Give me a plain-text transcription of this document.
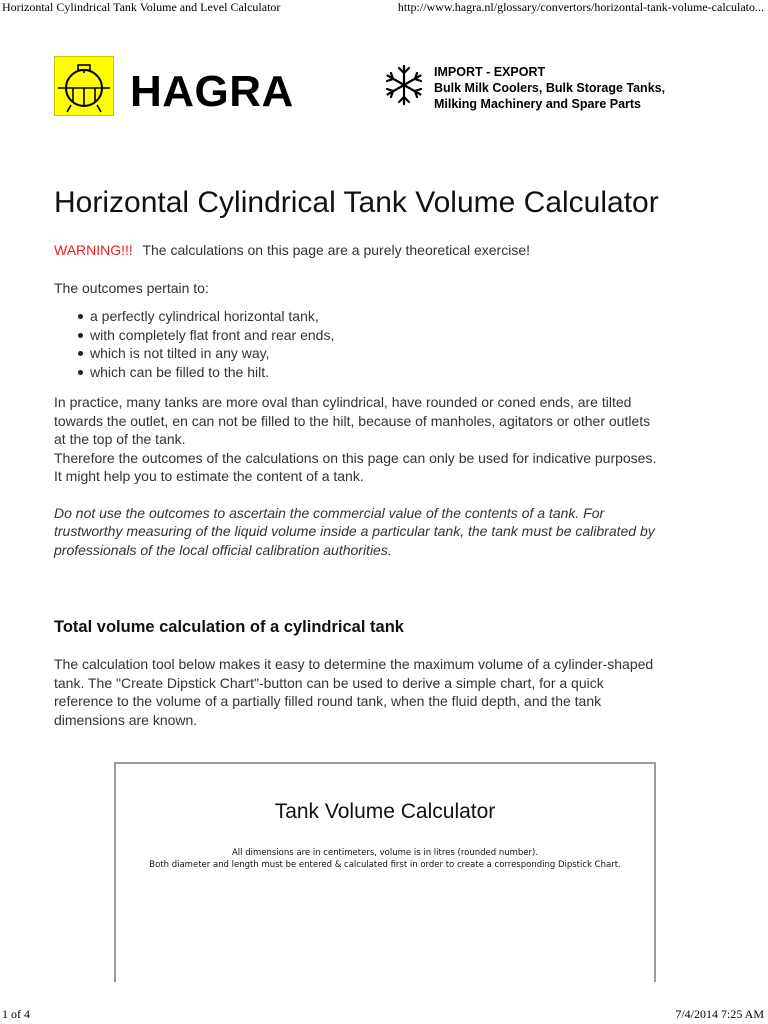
Horizontal Cylindrical Tank Volume and Level Calculator	http://www.hagra.nl/glossary/convertors/horizontal-tank-volume-calculato...
HAGRA	IMPORT - EXPORT
Bulk Milk Coolers, Bulk Storage Tanks,
Milking Machinery and Spare Parts
Horizontal Cylindrical Tank Volume Calculator

WARNING!!! The calculations on this page are a purely theoretical exercise!

The outcomes pertain to:

a perfectly cylindrical horizontal tank,
with completely flat front and rear ends,
which is not tilted in any way,
which can be filled to the hilt.

In practice, many tanks are more oval than cylindrical, have rounded or coned ends, are tilted
towards the outlet, en can not be filled to the hilt, because of manholes, agitators or other outlets
at the top of the tank.
Therefore the outcomes of the calculations on this page can only be used for indicative purposes.
It might help you to estimate the content of a tank.

Do not use the outcomes to ascertain the commercial value of the contents of a tank. For
trustworthy measuring of the liquid volume inside a particular tank, the tank must be calibrated by
professionals of the local official calibration authorities.

Total volume calculation of a cylindrical tank

The calculation tool below makes it easy to determine the maximum volume of a cylinder-shaped
tank. The "Create Dipstick Chart"-button can be used to derive a simple chart, for a quick
reference to the volume of a partially filled round tank, when the fluid depth, and the tank
dimensions are known.

Tank Volume Calculator
All dimensions are in centimeters, volume is in litres (rounded number).
Both diameter and length must be entered & calculated first in order to create a corresponding Dipstick Chart.
1 of 4	7/4/2014 7:25 AM
